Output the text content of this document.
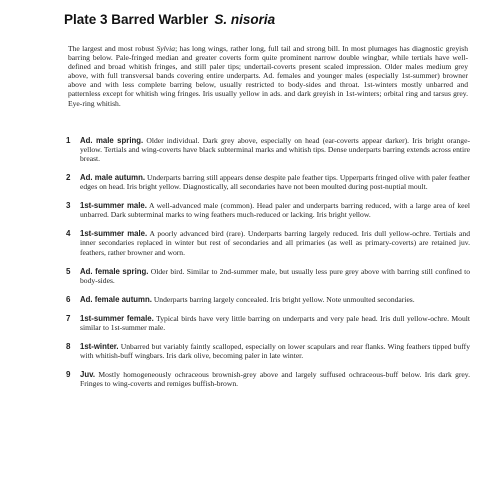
Plate 3 Barred Warbler S. nisoria

The largest and most robust Sylvia; has long wings, rather long, full tail and strong bill. In most plumages has diagnostic greyish barring below. Pale-fringed median and greater coverts form quite prominent narrow double wingbar, while tertials have well-defined and broad whitish fringes, and still paler tips; undertail-coverts present scaled impression. Older males medium grey above, with full transversal bands covering entire underparts. Ad. females and younger males (especially 1st-summer) browner above and with less complete barring below, usually restricted to body-sides and throat. 1st-winters mostly unbarred and patternless except for whitish wing fringes. Iris usually yellow in ads. and dark greyish in 1st-winters; orbital ring and tarsus grey. Eye-ring whitish.

1	Ad. male spring. Older individual. Dark grey above, especially on head (ear-coverts appear darker). Iris bright orange-yellow. Tertials and wing-coverts have black subterminal marks and whitish tips. Dense underparts barring extends across entire breast.
2	Ad. male autumn. Underparts barring still appears dense despite pale feather tips. Upperparts fringed olive with paler feather edges on head. Iris bright yellow. Diagnostically, all secondaries have not been moulted during post-nuptial moult.
3	1st-summer male. A well-advanced male (common). Head paler and underparts barring reduced, with a large area of keel unbarred. Dark subterminal marks to wing feathers much-reduced or lacking. Iris bright yellow.
4	1st-summer male. A poorly advanced bird (rare). Underparts barring largely reduced. Iris dull yellow-ochre. Tertials and inner secondaries replaced in winter but rest of secondaries and all primaries (as well as primary-coverts) are retained juv. feathers, rather browner and worn.
5	Ad. female spring. Older bird. Similar to 2nd-summer male, but usually less pure grey above with barring still confined to body-sides.
6	Ad. female autumn. Underparts barring largely concealed. Iris bright yellow. Note unmoulted secondaries.
7	1st-summer female. Typical birds have very little barring on underparts and very pale head. Iris dull yellow-ochre. Moult similar to 1st-summer male.
8	1st-winter. Unbarred but variably faintly scalloped, especially on lower scapulars and rear flanks. Wing feathers tipped buffy with whitish-buff wingbars. Iris dark olive, becoming paler in late winter.
9	Juv. Mostly homogeneously ochraceous brownish-grey above and largely suffused ochraceous-buff below. Iris dark grey. Fringes to wing-coverts and remiges buffish-brown.
